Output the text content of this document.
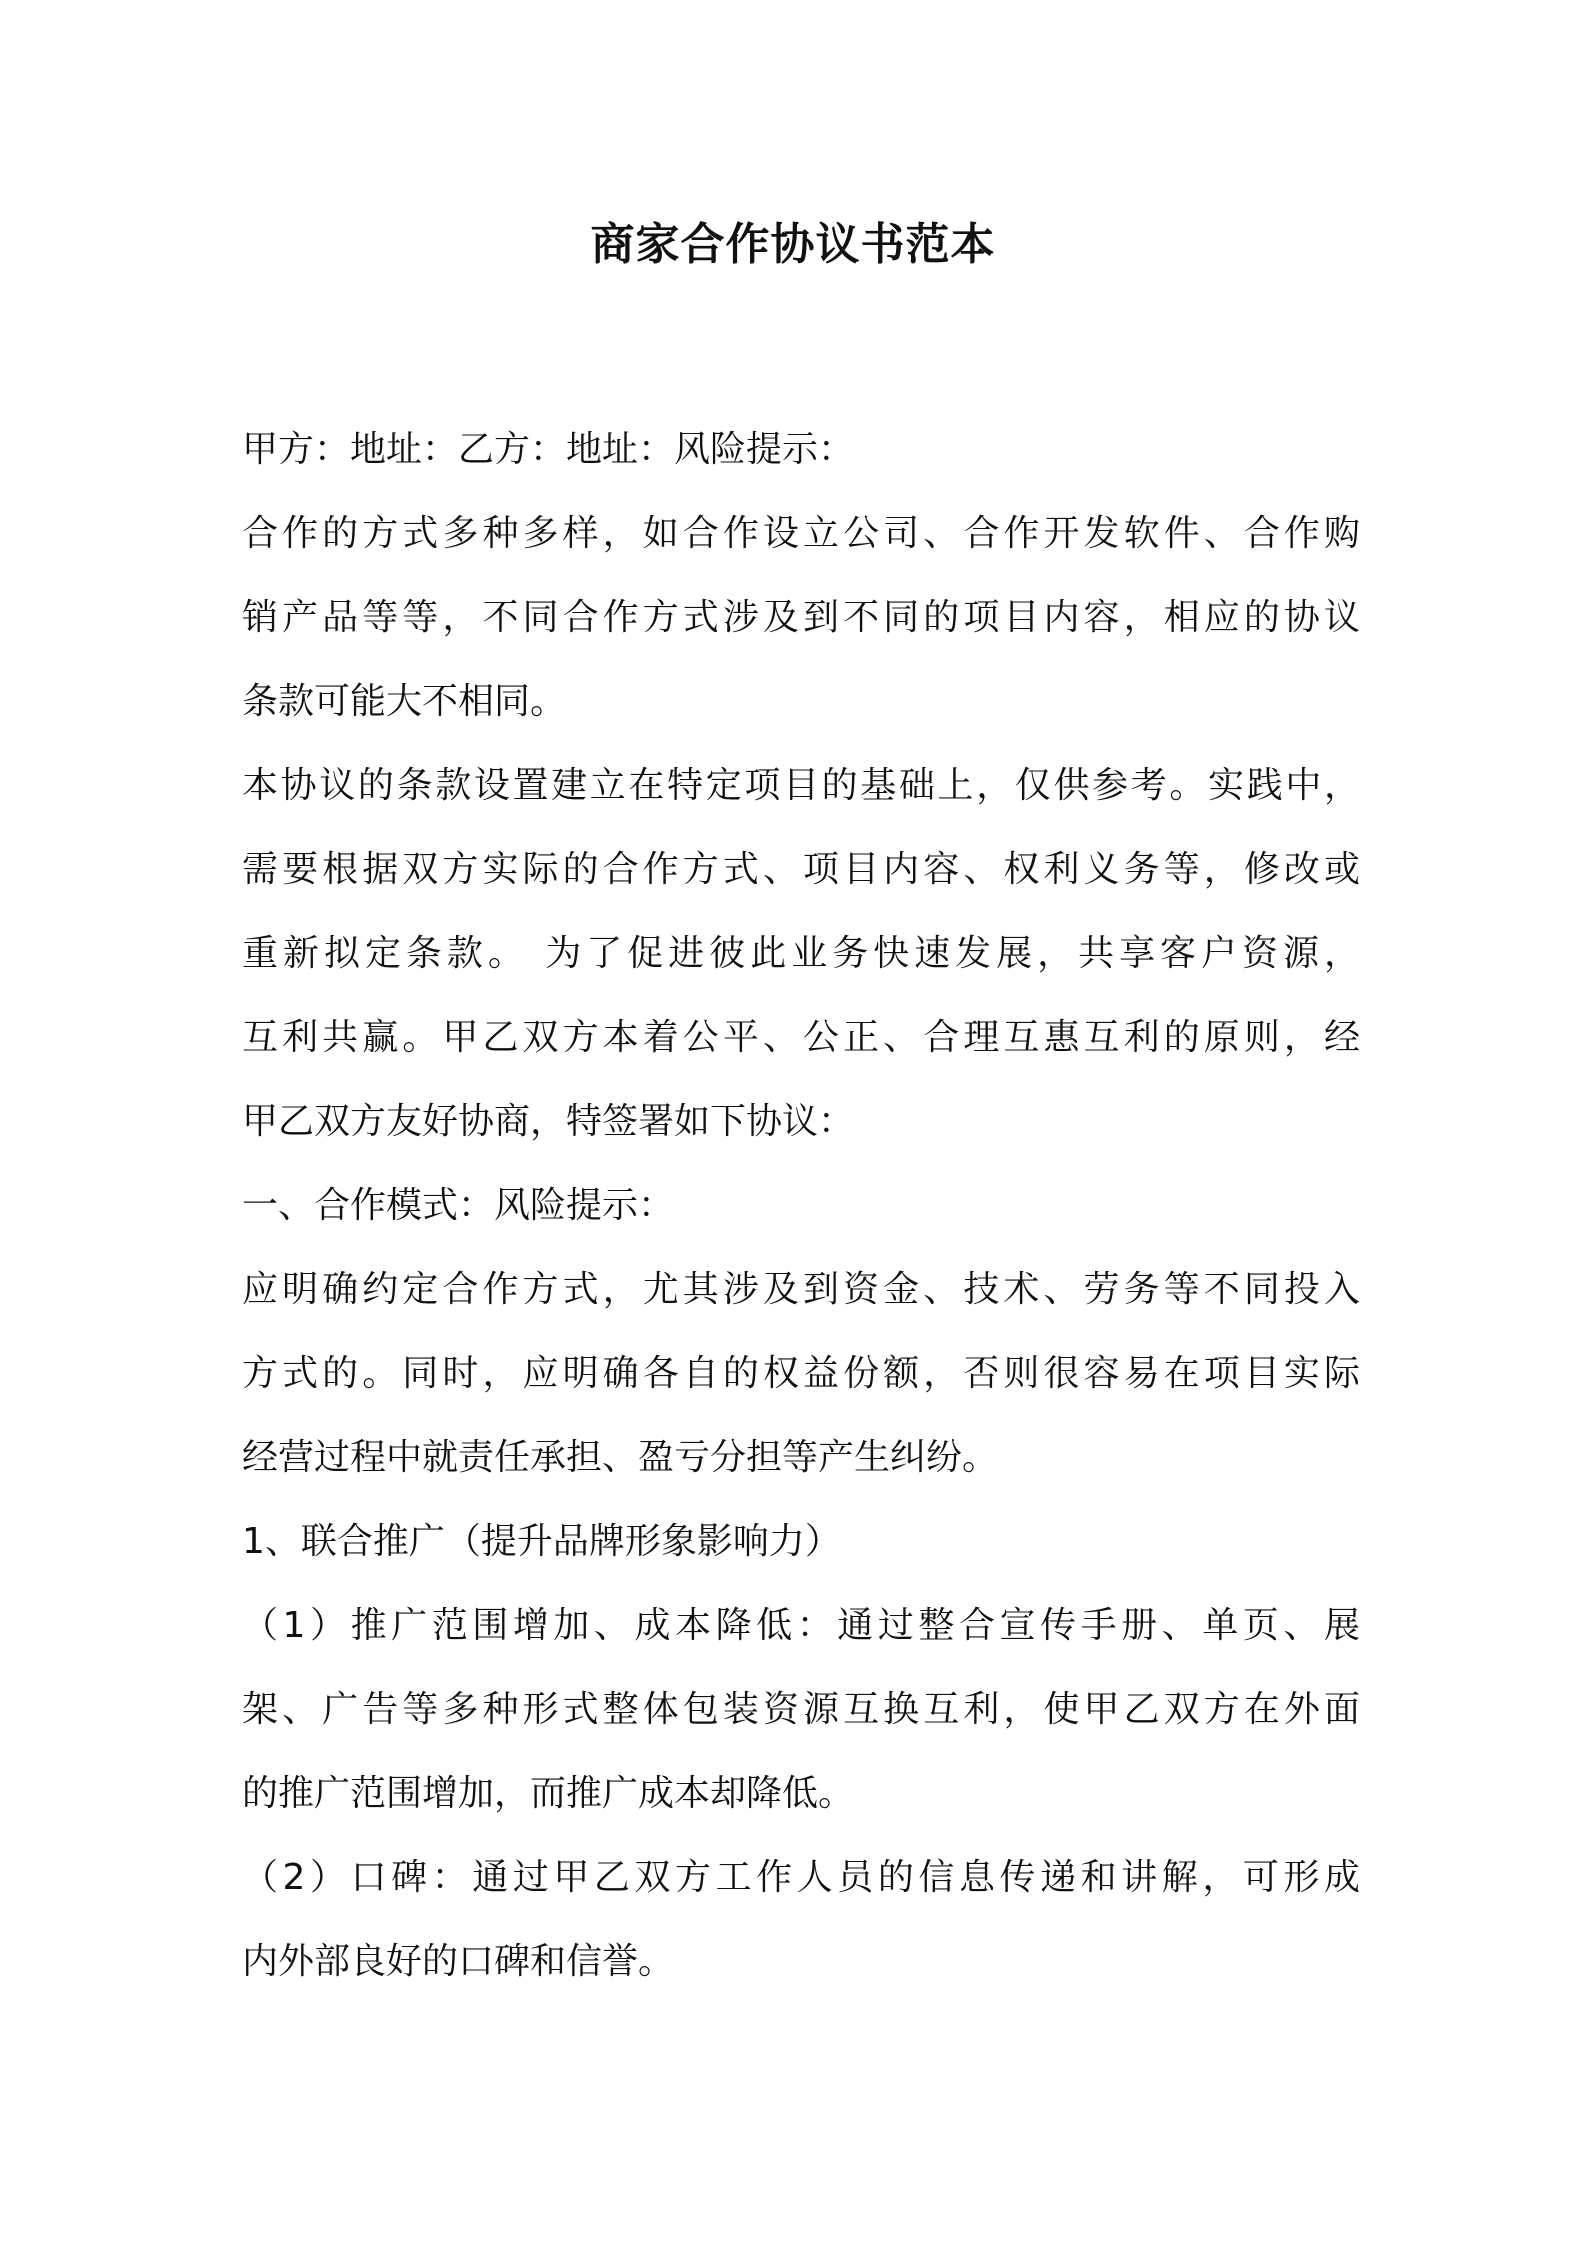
商家合作协议书范本
甲方：地址：乙方：地址：风险提示：
合作的方式多种多样，如合作设立公司、合作开发软件、合作购
销产品等等，不同合作方式涉及到不同的项目内容，相应的协议
条款可能大不相同。
本协议的条款设置建立在特定项目的基础上，仅供参考。实践中，
需要根据双方实际的合作方式、项目内容、权利义务等，修改或
重新拟定条款。 为了促进彼此业务快速发展，共享客户资源，
互利共赢。甲乙双方本着公平、公正、合理互惠互利的原则，经
甲乙双方友好协商，特签署如下协议：
一、合作模式：风险提示：
应明确约定合作方式，尤其涉及到资金、技术、劳务等不同投入
方式的。同时，应明确各自的权益份额，否则很容易在项目实际
经营过程中就责任承担、盈亏分担等产生纠纷。
1、联合推广（提升品牌形象影响力）
（1）推广范围增加、成本降低：通过整合宣传手册、单页、展
架、广告等多种形式整体包装资源互换互利，使甲乙双方在外面
的推广范围增加，而推广成本却降低。
（2）口碑：通过甲乙双方工作人员的信息传递和讲解，可形成
内外部良好的口碑和信誉。
